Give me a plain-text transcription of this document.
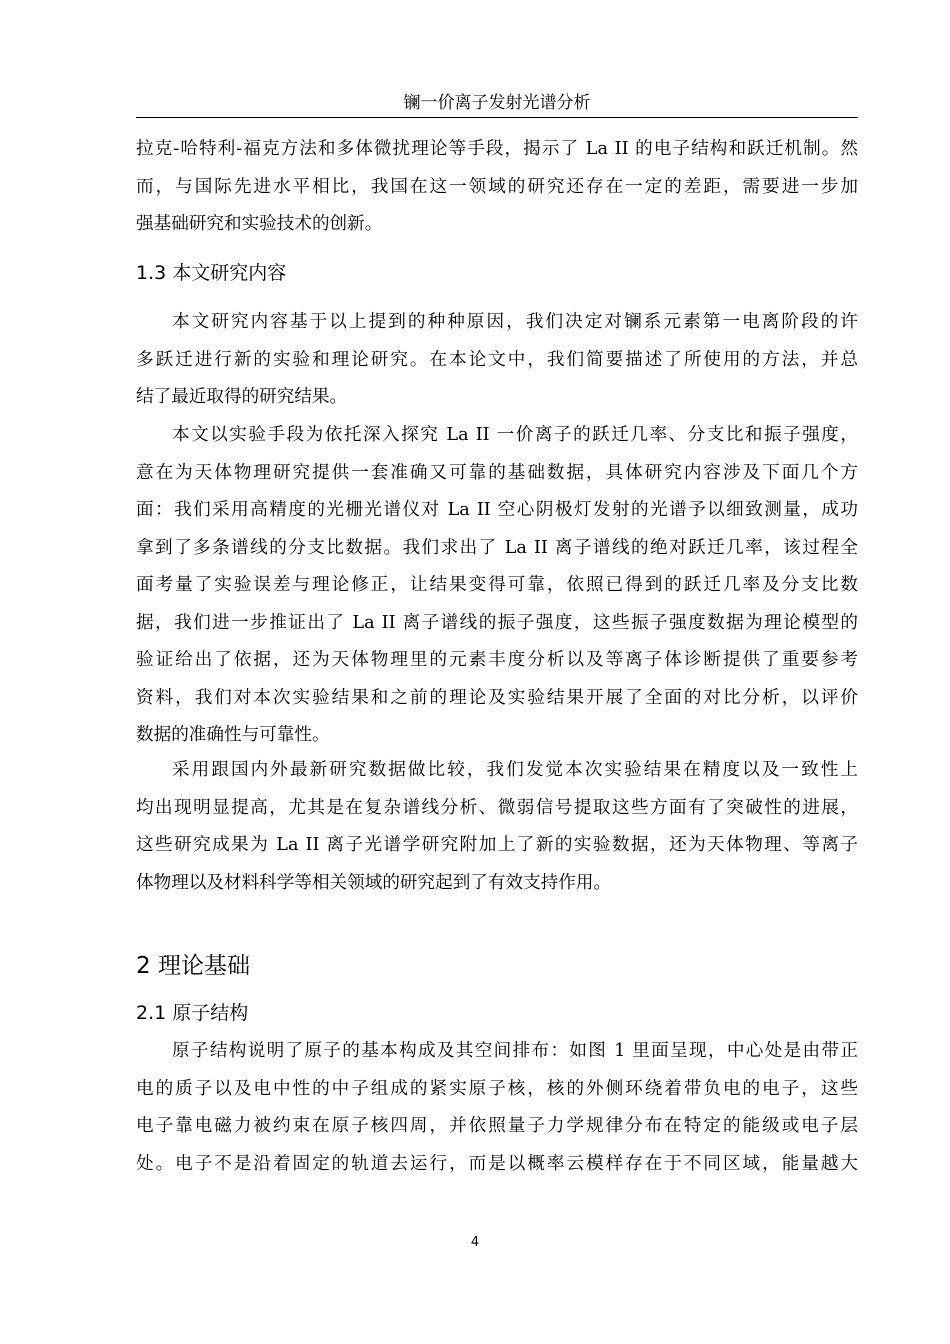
镧一价离子发射光谱分析

拉克-哈特利-福克方法和多体微扰理论等手段，揭示了 La II 的电子结构和跃迁机制。然

而，与国际先进水平相比，我国在这一领域的研究还存在一定的差距，需要进一步加

强基础研究和实验技术的创新。

1.3 本文研究内容

本文研究内容基于以上提到的种种原因，我们决定对镧系元素第一电离阶段的许

多跃迁进行新的实验和理论研究。在本论文中，我们简要描述了所使用的方法，并总

结了最近取得的研究结果。

本文以实验手段为依托深入探究 La II 一价离子的跃迁几率、分支比和振子强度，

意在为天体物理研究提供一套准确又可靠的基础数据，具体研究内容涉及下面几个方

面：我们采用高精度的光栅光谱仪对 La II 空心阴极灯发射的光谱予以细致测量，成功

拿到了多条谱线的分支比数据。我们求出了 La II 离子谱线的绝对跃迁几率，该过程全

面考量了实验误差与理论修正，让结果变得可靠，依照已得到的跃迁几率及分支比数

据，我们进一步推证出了 La II 离子谱线的振子强度，这些振子强度数据为理论模型的

验证给出了依据，还为天体物理里的元素丰度分析以及等离子体诊断提供了重要参考

资料，我们对本次实验结果和之前的理论及实验结果开展了全面的对比分析，以评价

数据的准确性与可靠性。

采用跟国内外最新研究数据做比较，我们发觉本次实验结果在精度以及一致性上

均出现明显提高，尤其是在复杂谱线分析、微弱信号提取这些方面有了突破性的进展，

这些研究成果为 La II 离子光谱学研究附加上了新的实验数据，还为天体物理、等离子

体物理以及材料科学等相关领域的研究起到了有效支持作用。

2 理论基础
2.1 原子结构

原子结构说明了原子的基本构成及其空间排布：如图 1 里面呈现，中心处是由带正

电的质子以及电中性的中子组成的紧实原子核，核的外侧环绕着带负电的电子，这些

电子靠电磁力被约束在原子核四周，并依照量子力学规律分布在特定的能级或电子层

处。电子不是沿着固定的轨道去运行，而是以概率云模样存在于不同区域，能量越大

4
